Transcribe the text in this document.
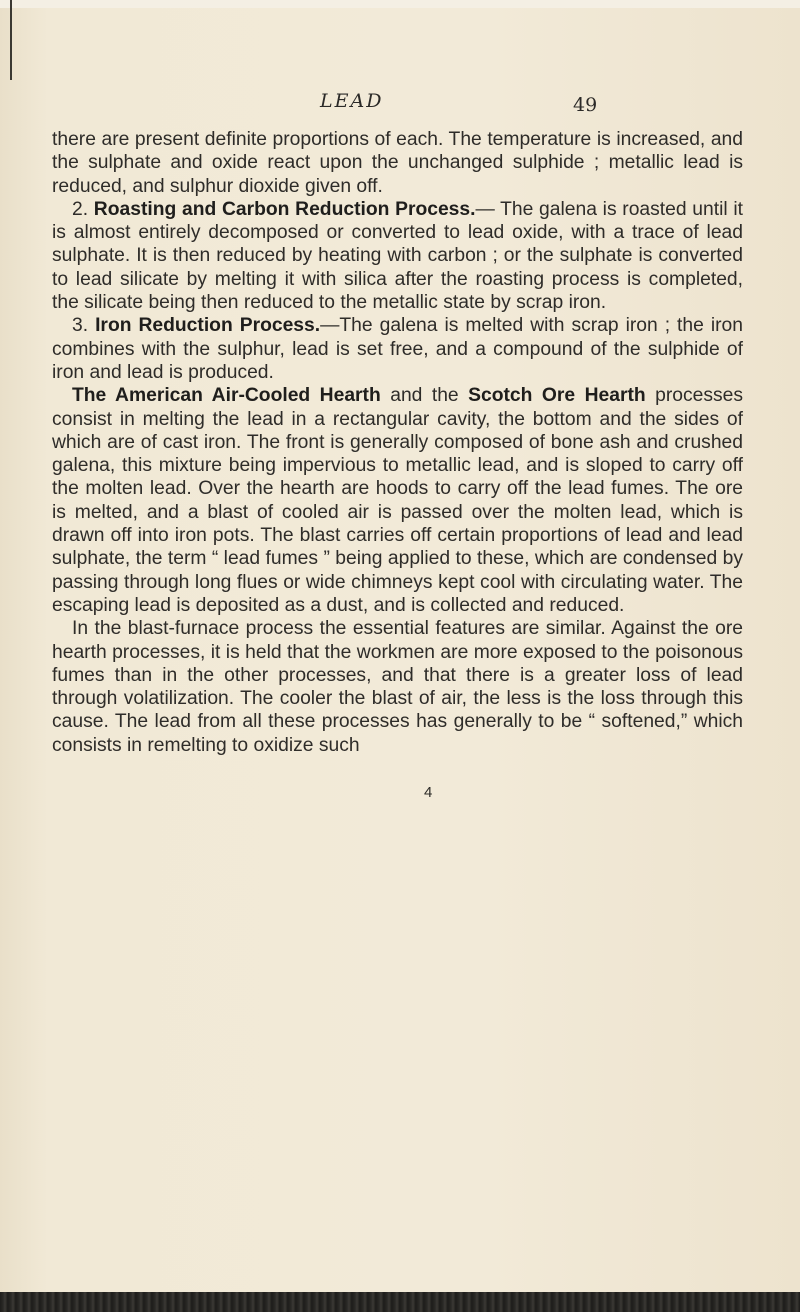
LEAD	49

there are present definite proportions of each. The temperature is increased, and the sulphate and oxide react upon the unchanged sulphide ; metallic lead is reduced, and sulphur dioxide given off.

2. Roasting and Carbon Reduction Process.— The galena is roasted until it is almost entirely decomposed or converted to lead oxide, with a trace of lead sulphate. It is then reduced by heating with carbon ; or the sulphate is converted to lead silicate by melting it with silica after the roasting process is completed, the silicate being then reduced to the metallic state by scrap iron.

3. Iron Reduction Process.—The galena is melted with scrap iron ; the iron combines with the sulphur, lead is set free, and a compound of the sulphide of iron and lead is produced.

The American Air-Cooled Hearth and the Scotch Ore Hearth processes consist in melting the lead in a rectangular cavity, the bottom and the sides of which are of cast iron. The front is generally composed of bone ash and crushed galena, this mixture being impervious to metallic lead, and is sloped to carry off the molten lead. Over the hearth are hoods to carry off the lead fumes. The ore is melted, and a blast of cooled air is passed over the molten lead, which is drawn off into iron pots. The blast carries off certain proportions of lead and lead sulphate, the term “ lead fumes ” being applied to these, which are condensed by passing through long flues or wide chimneys kept cool with circulating water. The escaping lead is deposited as a dust, and is collected and reduced.

In the blast-furnace process the essential features are similar. Against the ore hearth processes, it is held that the workmen are more exposed to the poisonous fumes than in the other processes, and that there is a greater loss of lead through volatilization. The cooler the blast of air, the less is the loss through this cause. The lead from all these processes has generally to be “ softened,” which consists in remelting to oxidize such

4
